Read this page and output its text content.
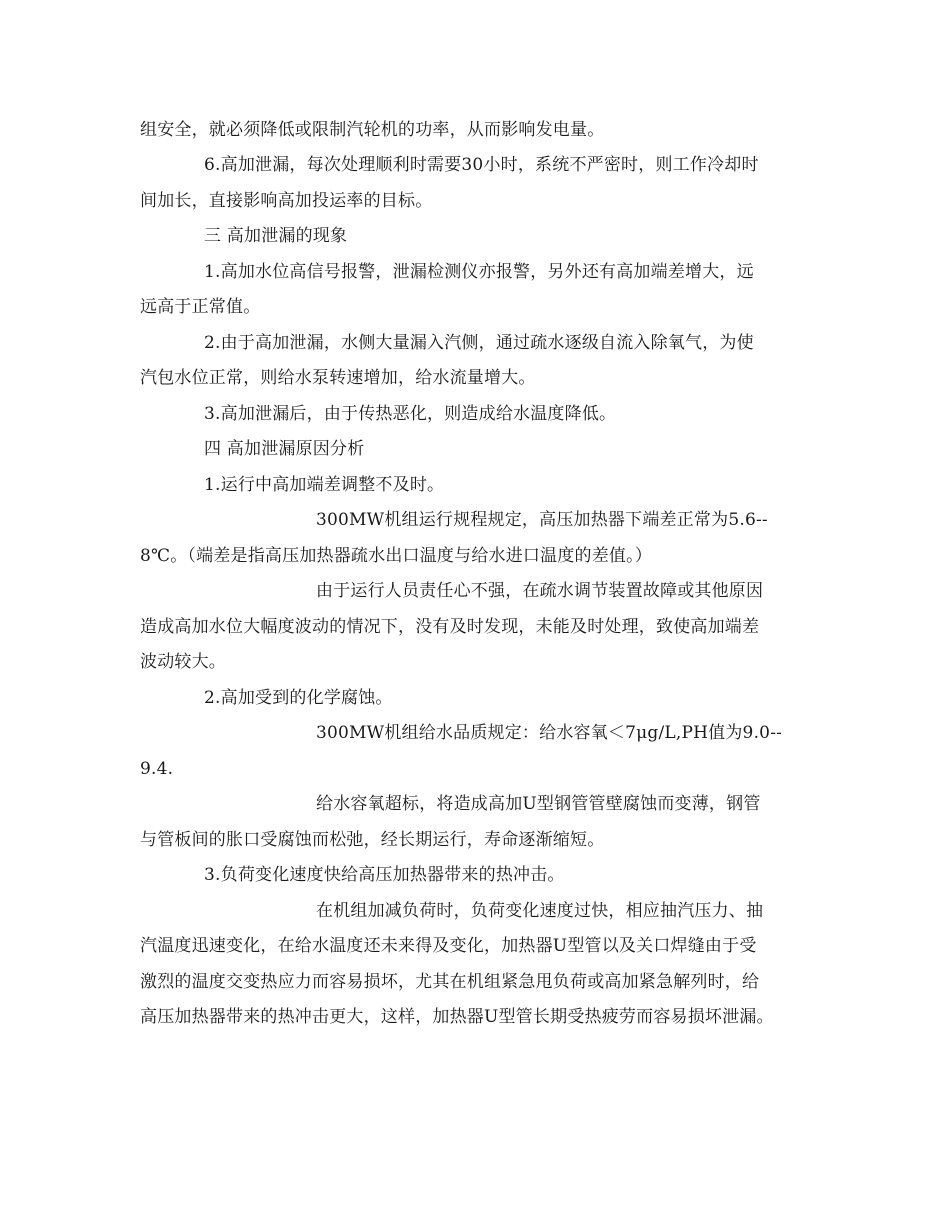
组安全，就必须降低或限制汽轮机的功率，从而影响发电量。
6.高加泄漏，每次处理顺利时需要30小时，系统不严密时，则工作冷却时
间加长，直接影响高加投运率的目标。
三 高加泄漏的现象
1.高加水位高信号报警，泄漏检测仪亦报警，另外还有高加端差增大，远
远高于正常值。
2.由于高加泄漏，水侧大量漏入汽侧，通过疏水逐级自流入除氧气，为使
汽包水位正常，则给水泵转速增加，给水流量增大。
3.高加泄漏后，由于传热恶化，则造成给水温度降低。
四 高加泄漏原因分析
1.运行中高加端差调整不及时。
300MW机组运行规程规定，高压加热器下端差正常为5.6--
8℃。（端差是指高压加热器疏水出口温度与给水进口温度的差值。）
由于运行人员责任心不强，在疏水调节装置故障或其他原因
造成高加水位大幅度波动的情况下，没有及时发现，未能及时处理，致使高加端差
波动较大。
2.高加受到的化学腐蚀。
300MW机组给水品质规定：给水容氧＜7μg/L,PH值为9.0--
9.4.
给水容氧超标，将造成高加U型钢管管壁腐蚀而变薄，钢管
与管板间的胀口受腐蚀而松弛，经长期运行，寿命逐渐缩短。
3.负荷变化速度快给高压加热器带来的热冲击。
在机组加减负荷时，负荷变化速度过快，相应抽汽压力、抽
汽温度迅速变化，在给水温度还未来得及变化，加热器U型管以及关口焊缝由于受
激烈的温度交变热应力而容易损坏，尤其在机组紧急甩负荷或高加紧急解列时，给
高压加热器带来的热冲击更大，这样，加热器U型管长期受热疲劳而容易损坏泄漏。
